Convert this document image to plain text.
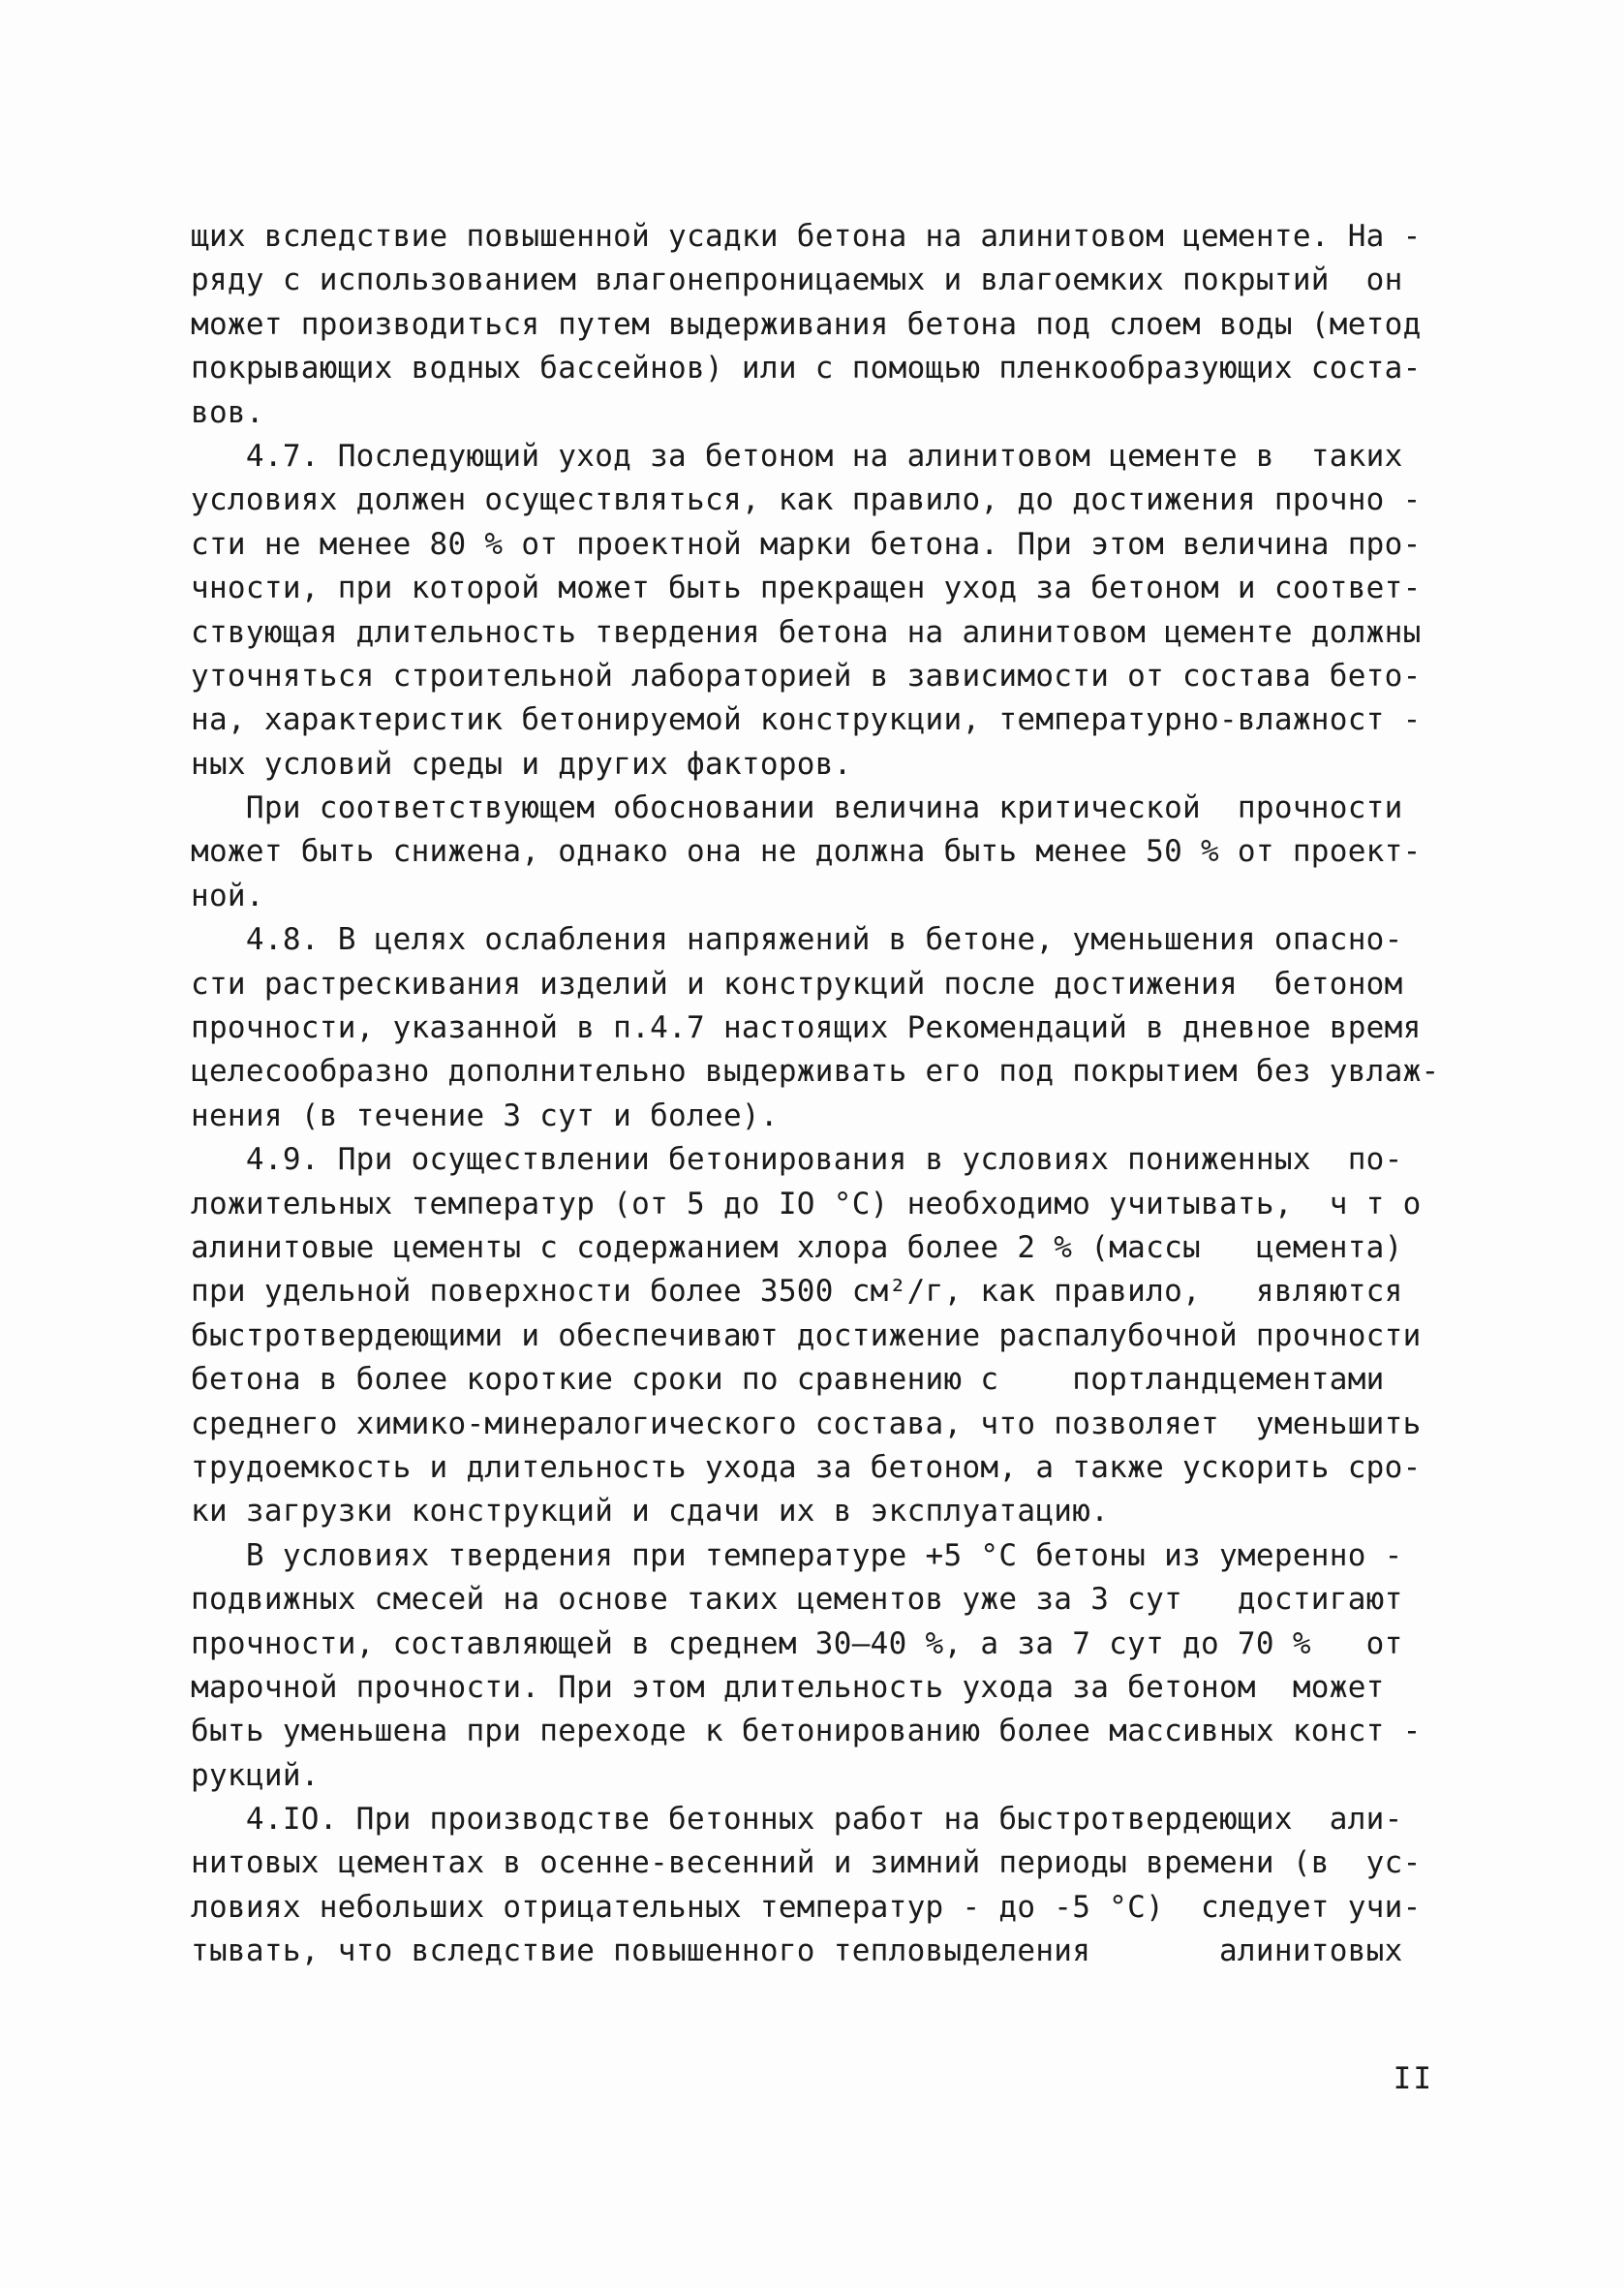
щих вследствие повышенной усадки бетона на алинитовом цементе. На -
ряду с использованием влагонепроницаемых и влагоемких покрытий  он
может производиться путем выдерживания бетона под слоем воды (метод
покрывающих водных бассейнов) или с помощью пленкообразующих соста-
вов.
4.7. Последующий уход за бетоном на алинитовом цементе в  таких
условиях должен осуществляться, как правило, до достижения прочно -
сти не менее 80 % от проектной марки бетона. При этом величина про-
чности, при которой может быть прекращен уход за бетоном и соответ-
ствующая длительность твердения бетона на алинитовом цементе должны
уточняться строительной лабораторией в зависимости от состава бето-
на, характеристик бетонируемой конструкции, температурно-влажност -
ных условий среды и других факторов.
При соответствующем обосновании величина критической  прочности
может быть снижена, однако она не должна быть менее 50 % от проект-
ной.
4.8. В целях ослабления напряжений в бетоне, уменьшения опасно-
сти растрескивания изделий и конструкций после достижения  бетоном
прочности, указанной в п.4.7 настоящих Рекомендаций в дневное время
целесообразно дополнительно выдерживать его под покрытием без увлаж-
нения (в течение 3 сут и более).
4.9. При осуществлении бетонирования в условиях пониженных  по-
ложительных температур (от 5 до IO °С) необходимо учитывать,  ч т о
алинитовые цементы с содержанием хлора более 2 % (массы   цемента)
при удельной поверхности более 3500 см²/г, как правило,   являются
быстротвердеющими и обеспечивают достижение распалубочной прочности
бетона в более короткие сроки по сравнению с    портландцементами
среднего химико-минералогического состава, что позволяет  уменьшить
трудоемкость и длительность ухода за бетоном, а также ускорить сро-
ки загрузки конструкций и сдачи их в эксплуатацию.
В условиях твердения при температуре +5 °С бетоны из умеренно -
подвижных смесей на основе таких цементов уже за 3 сут   достигают
прочности, составляющей в среднем 30–40 %, а за 7 сут до 70 %   от
марочной прочности. При этом длительность ухода за бетоном  может
быть уменьшена при переходе к бетонированию более массивных конст -
рукций.
4.IO. При производстве бетонных работ на быстротвердеющих  али-
нитовых цементах в осенне-весенний и зимний периоды времени (в  ус-
ловиях небольших отрицательных температур - до -5 °С)  следует учи-
тывать, что вследствие повышенного тепловыделения       алинитовых
II
